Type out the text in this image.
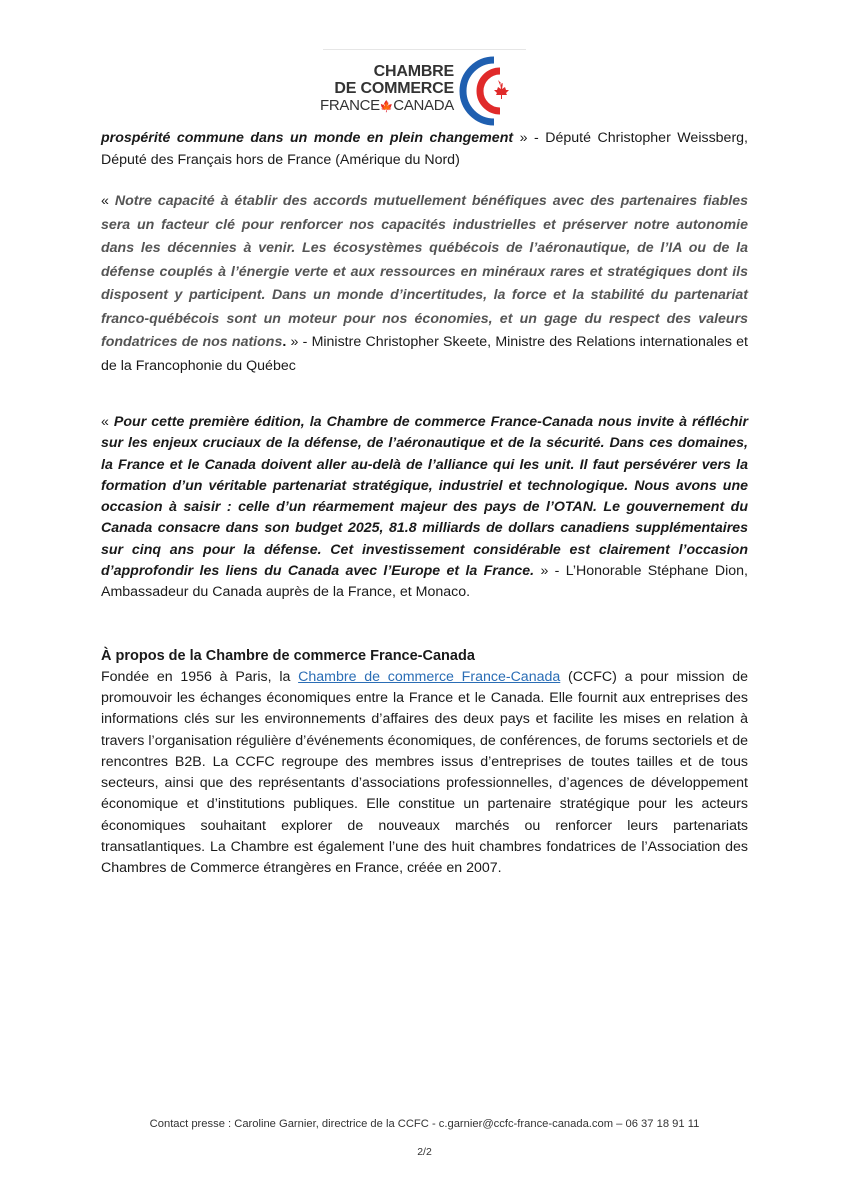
CHAMBRE
DE COMMERCE
FRANCE🍁CANADA

prospérité commune dans un monde en plein changement » - Député Christopher Weissberg, Député des Français hors de France (Amérique du Nord)

« Notre capacité à établir des accords mutuellement bénéfiques avec des partenaires fiables sera un facteur clé pour renforcer nos capacités industrielles et préserver notre autonomie dans les décennies à venir. Les écosystèmes québécois de l’aéronautique, de l’IA ou de la défense couplés à l’énergie verte et aux ressources en minéraux rares et stratégiques dont ils disposent y participent. Dans un monde d’incertitudes, la force et la stabilité du partenariat franco-québécois sont un moteur pour nos économies, et un gage du respect des valeurs fondatrices de nos nations. » - Ministre Christopher Skeete, Ministre des Relations internationales et de la Francophonie du Québec

« Pour cette première édition, la Chambre de commerce France-Canada nous invite à réfléchir sur les enjeux cruciaux de la défense, de l’aéronautique et de la sécurité. Dans ces domaines, la France et le Canada doivent aller au-delà de l’alliance qui les unit. Il faut persévérer vers la formation d’un véritable partenariat stratégique, industriel et technologique. Nous avons une occasion à saisir : celle d’un réarmement majeur des pays de l’OTAN. Le gouvernement du Canada consacre dans son budget 2025, 81.8 milliards de dollars canadiens supplémentaires sur cinq ans pour la défense. Cet investissement considérable est clairement l’occasion d’approfondir les liens du Canada avec l’Europe et la France. » - L’Honorable Stéphane Dion, Ambassadeur du Canada auprès de la France, et Monaco.

À propos de la Chambre de commerce France-Canada

Fondée en 1956 à Paris, la Chambre de commerce France-Canada (CCFC) a pour mission de promouvoir les échanges économiques entre la France et le Canada. Elle fournit aux entreprises des informations clés sur les environnements d’affaires des deux pays et facilite les mises en relation à travers l’organisation régulière d’événements économiques, de conférences, de forums sectoriels et de rencontres B2B. La CCFC regroupe des membres issus d’entreprises de toutes tailles et de tous secteurs, ainsi que des représentants d’associations professionnelles, d’agences de développement économique et d’institutions publiques. Elle constitue un partenaire stratégique pour les acteurs économiques souhaitant explorer de nouveaux marchés ou renforcer leurs partenariats transatlantiques. La Chambre est également l’une des huit chambres fondatrices de l’Association des Chambres de Commerce étrangères en France, créée en 2007.

Contact presse : Caroline Garnier, directrice de la CCFC - c.garnier@ccfc-france-canada.com – 06 37 18 91 11
2/2
